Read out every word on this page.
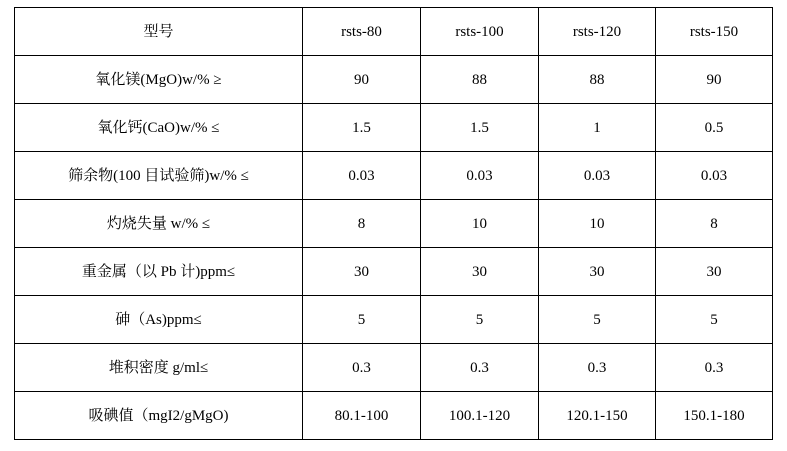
型号	rsts-80	rsts-100	rsts-120	rsts-150
氧化镁(MgO)w/% ≥	90	88	88	90
氧化钙(CaO)w/% ≤	1.5	1.5	1	0.5
筛余物(100 目试验筛)w/% ≤	0.03	0.03	0.03	0.03
灼烧失量 w/% ≤	8	10	10	8
重金属（以 Pb 计)ppm≤	30	30	30	30
砷（As)ppm≤	5	5	5	5
堆积密度 g/ml≤	0.3	0.3	0.3	0.3
吸碘值（mgI2/gMgO)	80.1-100	100.1-120	120.1-150	150.1-180
